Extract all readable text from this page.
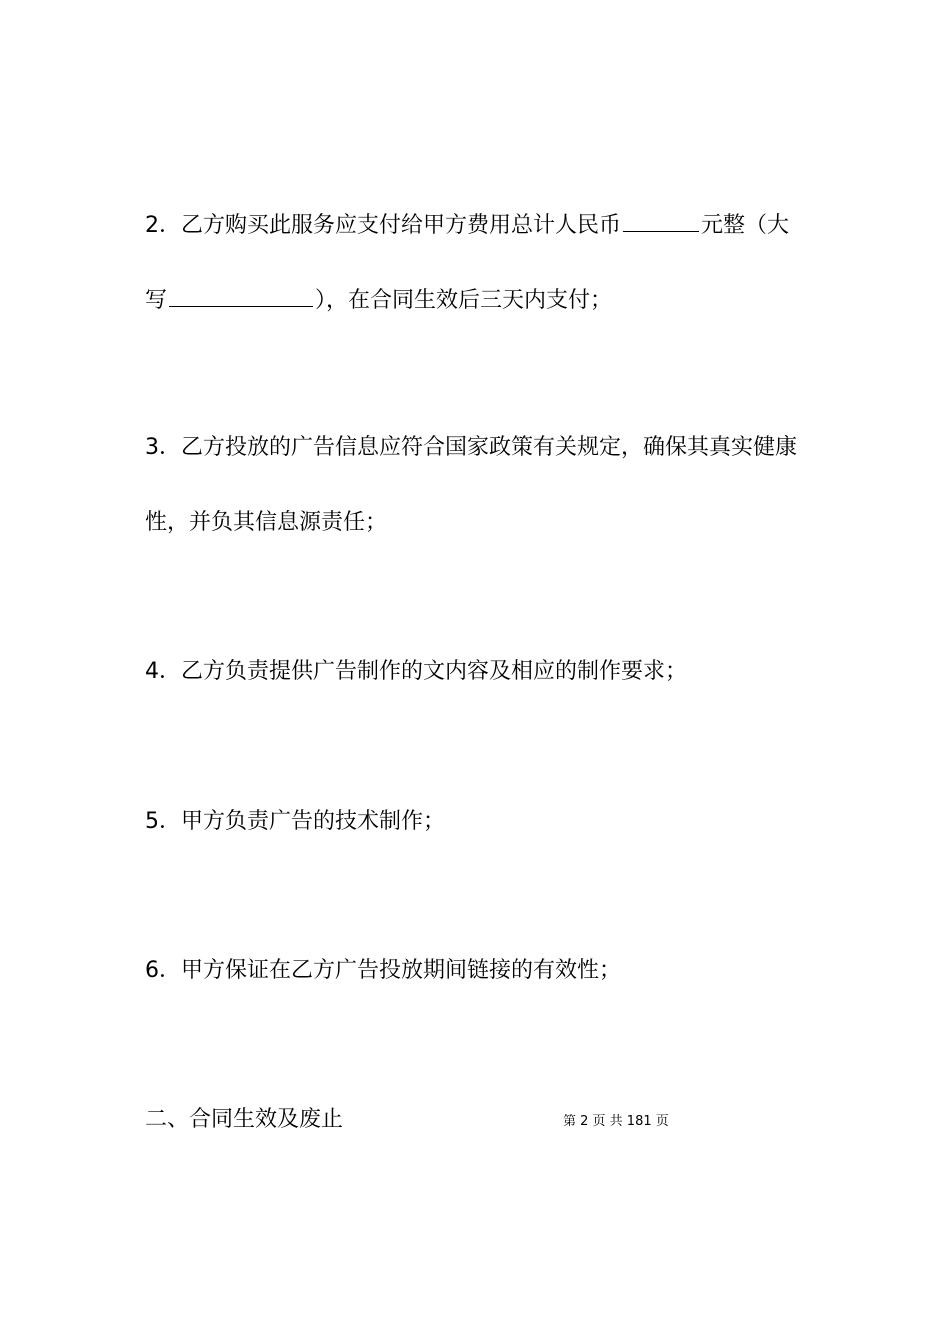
2．乙方购买此服务应支付给甲方费用总计人民币	元整（大
写	），在合同生效后三天内支付；
3．乙方投放的广告信息应符合国家政策有关规定，确保其真实健康
性，并负其信息源责任；
4．乙方负责提供广告制作的文内容及相应的制作要求；
5．甲方负责广告的技术制作；
6．甲方保证在乙方广告投放期间链接的有效性；
二、合同生效及废止	第 2 页 共 181 页
